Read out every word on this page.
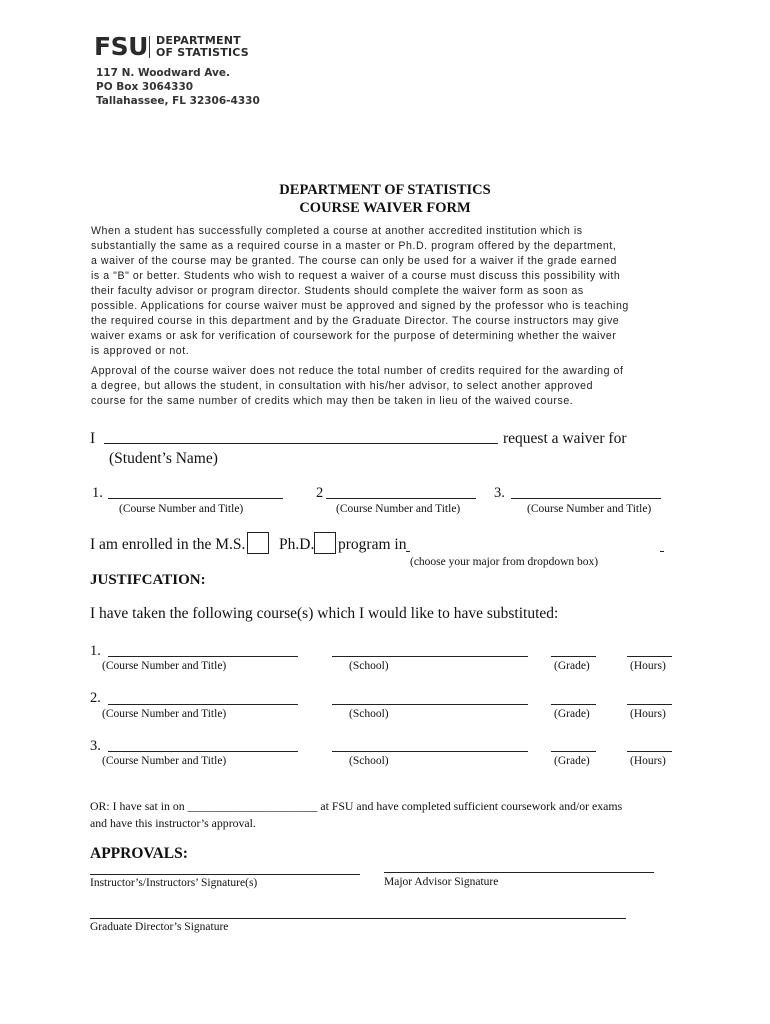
FSU DEPARTMENT
OF STATISTICS
117 N. Woodward Ave.
PO Box 3064330
Tallahassee, FL 32306-4330
DEPARTMENT OF STATISTICS
COURSE WAIVER FORM

When a student has successfully completed a course at another accredited institution which is

substantially the same as a required course in a master or Ph.D. program offered by the department,

a waiver of the course may be granted. The course can only be used for a waiver if the grade earned

is a "B" or better. Students who wish to request a waiver of a course must discuss this possibility with

their faculty advisor or program director. Students should complete the waiver form as soon as

possible. Applications for course waiver must be approved and signed by the professor who is teaching

the required course in this department and by the Graduate Director. The course instructors may give

waiver exams or ask for verification of coursework for the purpose of determining whether the waiver

is approved or not.

Approval of the course waiver does not reduce the total number of credits required for the awarding of

a degree, but allows the student, in consultation with his/her advisor, to select another approved

course for the same number of credits which may then be taken in lieu of the waived course.

I	request a waiver for
(Student’s Name)
1.
(Course Number and Title)
2
(Course Number and Title)
3.
(Course Number and Title)
I am enrolled in the M.S. Ph.D. program in
(choose your major from dropdown box)
JUSTIFCATION:
I have taken the following course(s) which I would like to have substituted:
1.
(Course Number and Title)	(School)	(Grade)	(Hours)
2.
(Course Number and Title)	(School)	(Grade)	(Hours)
3.
(Course Number and Title)	(School)	(Grade)	(Hours)
OR: I have sat in on ______________________ at FSU and have completed sufficient coursework and/or exams
and have this instructor’s approval.
APPROVALS:
Instructor’s/Instructors’ Signature(s)	Major Advisor Signature
Graduate Director’s Signature
